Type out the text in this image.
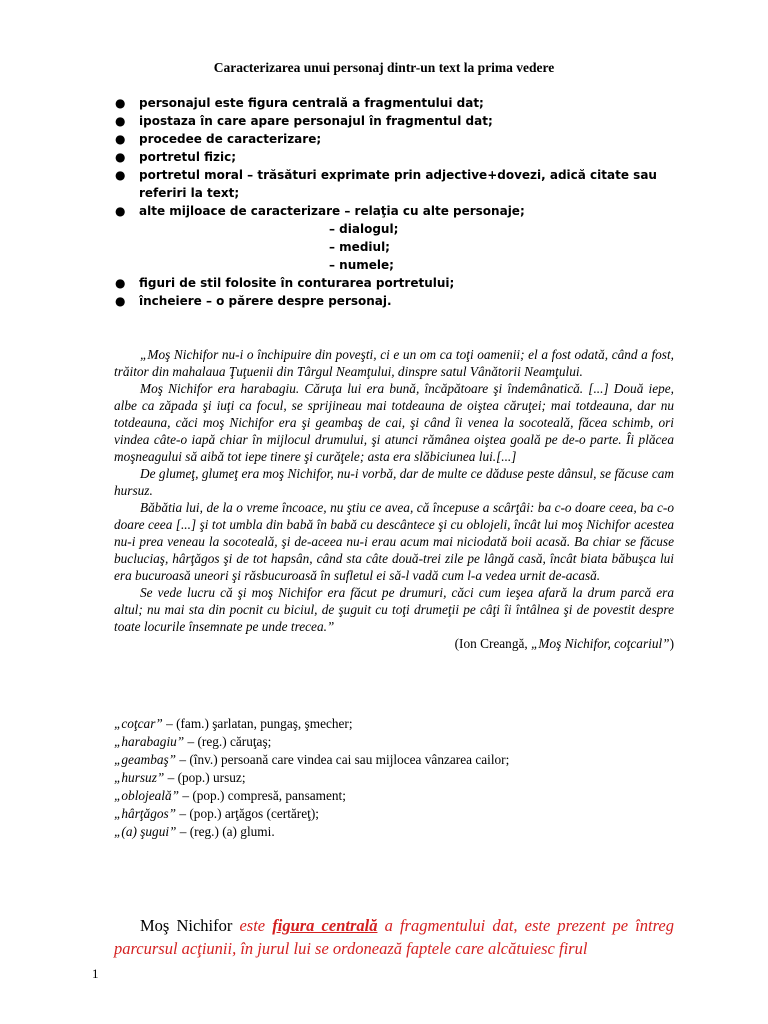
Caracterizarea unui personaj dintr-un text la prima vedere
● personajul este figura centrală a fragmentului dat;
● ipostaza în care apare personajul în fragmentul dat;
● procedee de caracterizare;
● portretul fizic;
● portretul moral – trăsături exprimate prin adjective+dovezi, adică citate sau referiri la text;
● alte mijloace de caracterizare – relaţia cu alte personaje;
– dialogul;
– mediul;
– numele;
● figuri de stil folosite în conturarea portretului;
● încheiere – o părere despre personaj.

„Moş Nichifor nu-i o închipuire din poveşti, ci e un om ca toţi oamenii; el a fost odată, când a fost, trăitor din mahalaua Ţuţuenii din Târgul Neamţului, dinspre satul Vânătorii Neamţului.

Moş Nichifor era harabagiu. Căruţa lui era bună, încăpătoare şi îndemânatică. [...] Două iepe, albe ca zăpada şi iuţi ca focul, se sprijineau mai totdeauna de oiştea căruţei; mai totdeauna, dar nu totdeauna, căci moş Nichifor era şi geambaş de cai, şi când îi venea la socoteală, făcea schimb, ori vindea câte-o iapă chiar în mijlocul drumului, şi atunci rămânea oiştea goală pe de-o parte. Îi plăcea moşneagului să aibă tot iepe tinere şi curăţele; asta era slăbiciunea lui.[...]

De glumeţ, glumeţ era moş Nichifor, nu-i vorbă, dar de multe ce dăduse peste dânsul, se făcuse cam hursuz.

Băbătia lui, de la o vreme încoace, nu ştiu ce avea, că începuse a scârţâi: ba c-o doare ceea, ba c-o doare ceea [...] şi tot umbla din babă în babă cu descântece şi cu oblojeli, încât lui moş Nichifor acestea nu-i prea veneau la socoteală, şi de-aceea nu-i erau acum mai niciodată boii acasă. Ba chiar se făcuse bucluciaş, hârţăgos şi de tot hapsân, când sta câte două-trei zile pe lângă casă, încât biata băbuşca lui era bucuroasă uneori şi răsbucuroasă în sufletul ei să-l vadă cum l-a vedea urnit de-acasă.

Se vede lucru că şi moş Nichifor era făcut pe drumuri, căci cum ieşea afară la drum parcă era altul; nu mai sta din pocnit cu biciul, de şuguit cu toţi drumeţii pe câţi îi întâlnea şi de povestit despre toate locurile însemnate pe unde trecea.”

(Ion Creangă, „Moş Nichifor, coţcariul”)

„coţcar” – (fam.) şarlatan, pungaş, şmecher;
„harabagiu” – (reg.) căruţaş;
„geambaş” – (înv.) persoană care vindea cai sau mijlocea vânzarea cailor;
„hursuz” – (pop.) ursuz;
„oblojeală” – (pop.) compresă, pansament;
„hârţăgos” – (pop.) arţăgos (certăreţ);
„(a) şugui” – (reg.) (a) glumi.
Moş Nichifor este figura centrală a fragmentului dat, este prezent pe întreg parcursul acţiunii, în jurul lui se ordonează faptele care alcătuiesc firul
1
